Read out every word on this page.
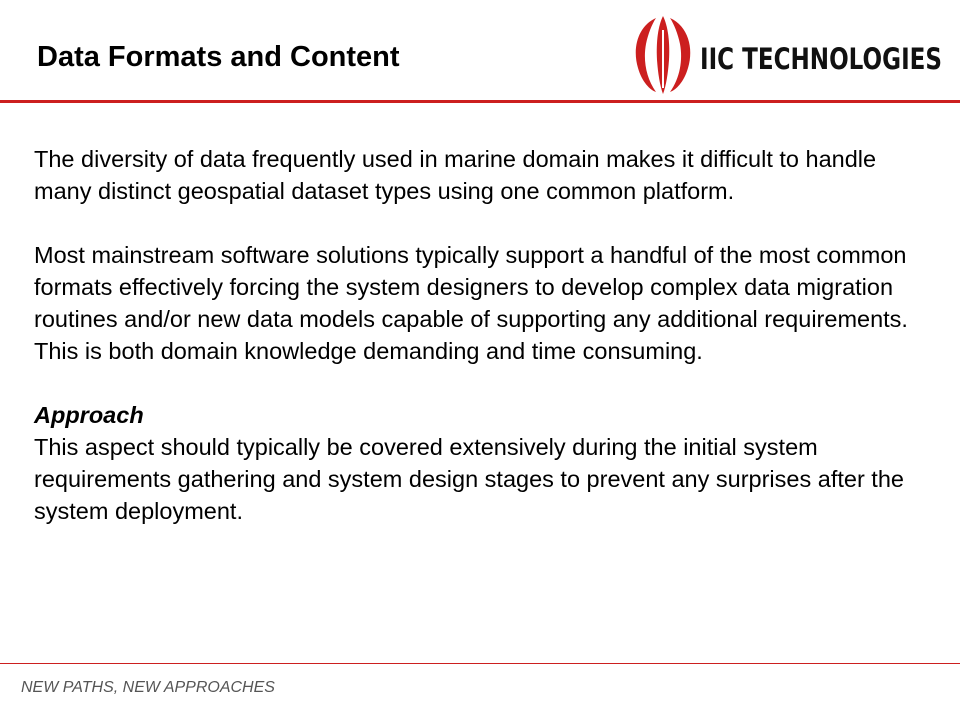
Data Formats and Content	IIC TECHNOLOGIES

The diversity of data frequently used in marine domain makes it difficult to handle many distinct geospatial dataset types using one common platform.

Most mainstream software solutions typically support a handful of the most common formats effectively forcing the system designers to develop complex data migration routines and/or new data models capable of supporting any additional requirements. This is both domain knowledge demanding and time consuming.

Approach

This aspect should typically be covered extensively during the initial system requirements gathering and system design stages to prevent any surprises after the system deployment.

NEW PATHS, NEW APPROACHES
